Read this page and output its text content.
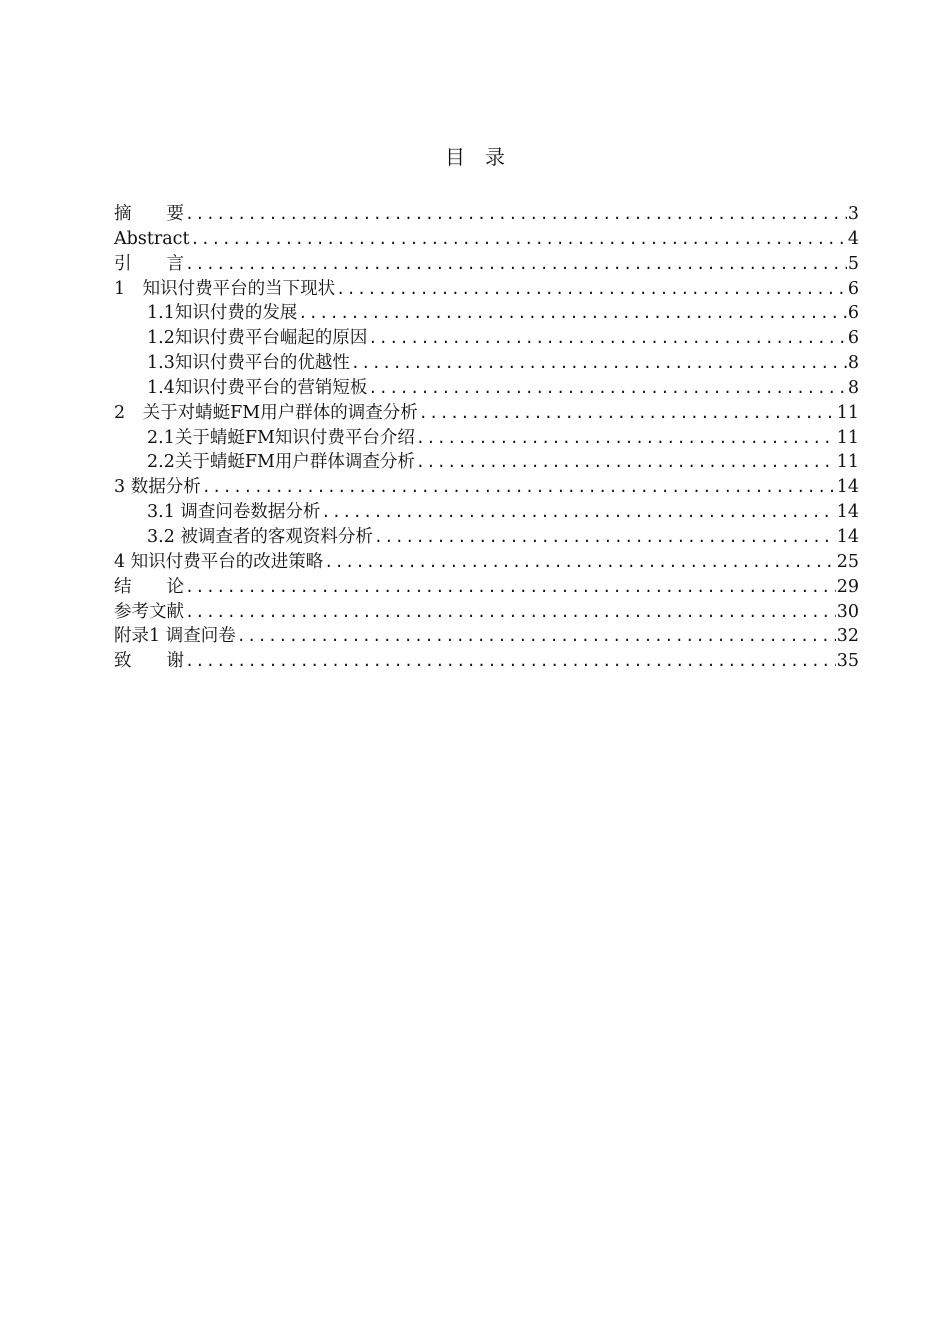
目　录
摘　　要 .....	3
Abstract .....	4
引　　言 .....	5
1　知识付费平台的当下现状 .....	6
1.1知识付费的发展 .....	6
1.2知识付费平台崛起的原因 .....	6
1.3知识付费平台的优越性 .....	8
1.4知识付费平台的营销短板 .....	8
2　关于对蜻蜓FM用户群体的调查分析 .....	11
2.1关于蜻蜓FM知识付费平台介绍 .....	11
2.2关于蜻蜓FM用户群体调查分析 .....	11
3 数据分析 .....	14
3.1 调查问卷数据分析 .....	14
3.2 被调查者的客观资料分析 .....	14
4 知识付费平台的改进策略 .....	25
结　　论 .....	29
参考文献 .....	30
附录1 调查问卷 .....	32
致　　谢 .....	35
